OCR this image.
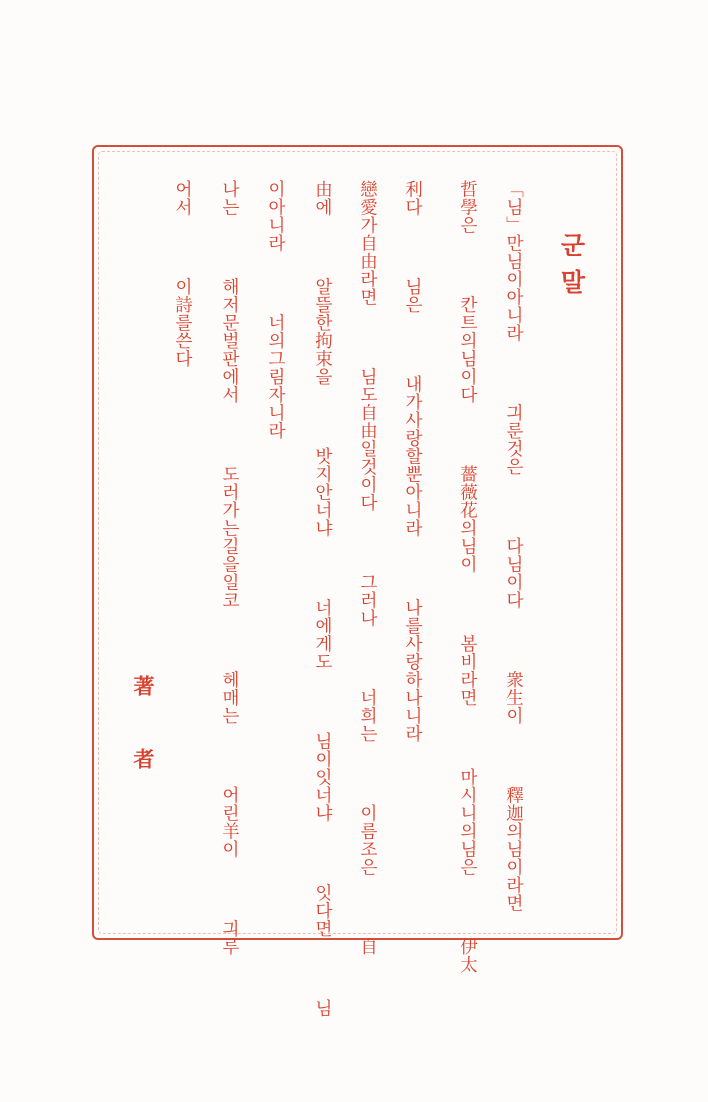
군말
「님」만님이아니라   긔룬것은   다님이다   衆生이   釋迦의님이라면
哲學은   칸트의님이다   薔薇花의님이   봄비라면   마시니의님은   伊太
利다   님은   내가사랑할뿐아니라   나를사랑하나니라
戀愛가自由라면   님도自由일것이다   그러나   너희는   이름조은   自
由에   알뜰한拘束을   밧지안너냐   너에게도   님이잇너냐   잇다면   님
이아니라   너의그림자니라
나는   해저문벌판에서   도러가는길을일코   헤매는   어린羊이   긔루
어서   이詩를쓴다
著者
